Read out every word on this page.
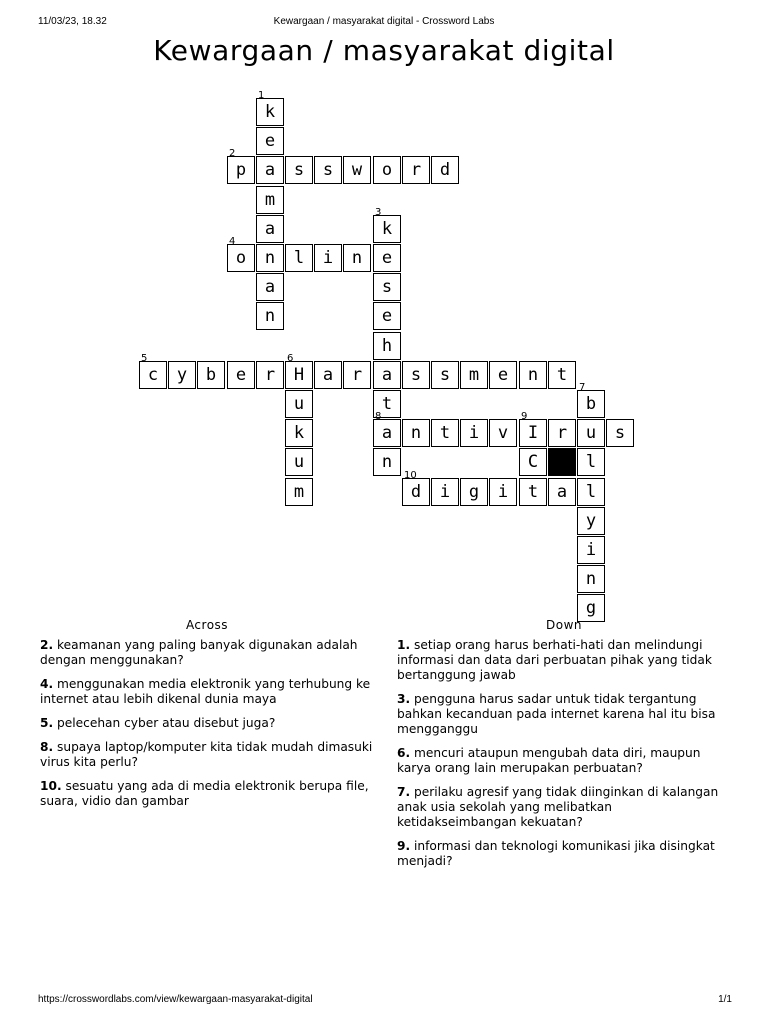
11/03/23, 18.32	Kewargaan / masyarakat digital - Crossword Labs
Kewargaan / masyarakat digital
1
k
e
2
p	a	s	s	w	o	r	d
m
a
3
k
4
o	n	l	i	n	e
a	s
n	e
h
5
c	y	b	e	r
6
H	a	r	a	s	s	m	e	n	t
u	t
7
b
k
8
a	n	t	i	v
9
I	r	u	s
u	n	C	l
m
10
d	i	g	i	t	a	l
y
i
n
g
Across
2. keamanan yang paling banyak digunakan adalah dengan menggunakan?
4. menggunakan media elektronik yang terhubung ke internet atau lebih dikenal dunia maya
5. pelecehan cyber atau disebut juga?
8. supaya laptop/komputer kita tidak mudah dimasuki virus kita perlu?
10. sesuatu yang ada di media elektronik berupa file, suara, vidio dan gambar
Down
1. setiap orang harus berhati-hati dan melindungi informasi dan data dari perbuatan pihak yang tidak bertanggung jawab
3. pengguna harus sadar untuk tidak tergantung bahkan kecanduan pada internet karena hal itu bisa mengganggu
6. mencuri ataupun mengubah data diri, maupun karya orang lain merupakan perbuatan?
7. perilaku agresif yang tidak diinginkan di kalangan anak usia sekolah yang melibatkan ketidakseimbangan kekuatan?
9. informasi dan teknologi komunikasi jika disingkat menjadi?
https://crosswordlabs.com/view/kewargaan-masyarakat-digital	1/1
